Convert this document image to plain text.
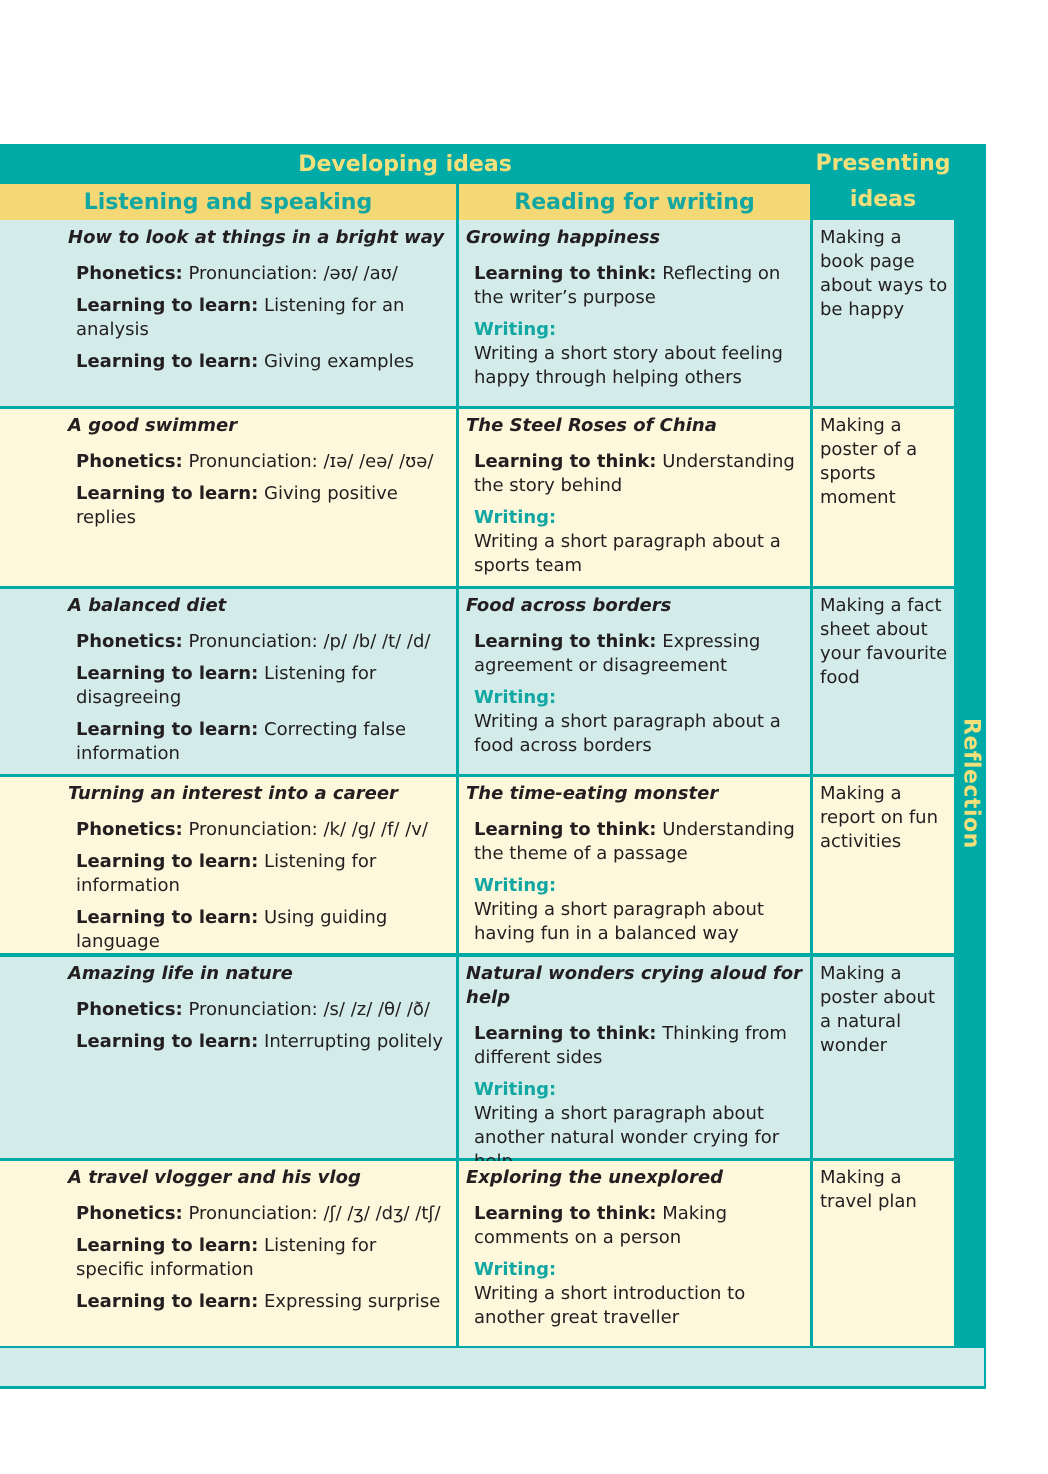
Developing ideas	Presenting ideas
Listening and speaking	Reading for writing
How to look at things in a bright way
Phonetics: Pronunciation: /əʊ/ /aʊ/
Learning to learn: Listening for an analysis
Learning to learn: Giving examples
Growing happiness
Learning to think: Reflecting on the writer’s purpose
Writing:
Writing a short story about feeling happy through helping others
Making a book page about ways to be happy
A good swimmer
Phonetics: Pronunciation: /ɪə/ /eə/ /ʊə/
Learning to learn: Giving positive replies
The Steel Roses of China
Learning to think: Understanding the story behind
Writing:
Writing a short paragraph about a sports team
Making a poster of a sports moment
A balanced diet
Phonetics: Pronunciation: /p/ /b/ /t/ /d/
Learning to learn: Listening for disagreeing
Learning to learn: Correcting false information
Food across borders
Learning to think: Expressing agreement or disagreement
Writing:
Writing a short paragraph about a food across borders
Making a fact sheet about your favourite food
Turning an interest into a career
Phonetics: Pronunciation: /k/ /g/ /f/ /v/
Learning to learn: Listening for information
Learning to learn: Using guiding language
The time-eating monster
Learning to think: Understanding the theme of a passage
Writing:
Writing a short paragraph about having fun in a balanced way
Making a report on fun activities
Amazing life in nature
Phonetics: Pronunciation: /s/ /z/ /θ/ /ð/
Learning to learn: Interrupting politely
Natural wonders crying aloud for help
Learning to think: Thinking from different sides
Writing:
Writing a short paragraph about another natural wonder crying for
Making a poster about a natural wonder
A travel vlogger and his vlog
Phonetics: Pronunciation: /ʃ/ /ʒ/ /dʒ/ /tʃ/
Learning to learn: Listening for specific information
Learning to learn: Expressing surprise
Exploring the unexplored
Learning to think: Making comments on a person
Writing:
Writing a short introduction to another great traveller
Making a travel plan
Reflection
